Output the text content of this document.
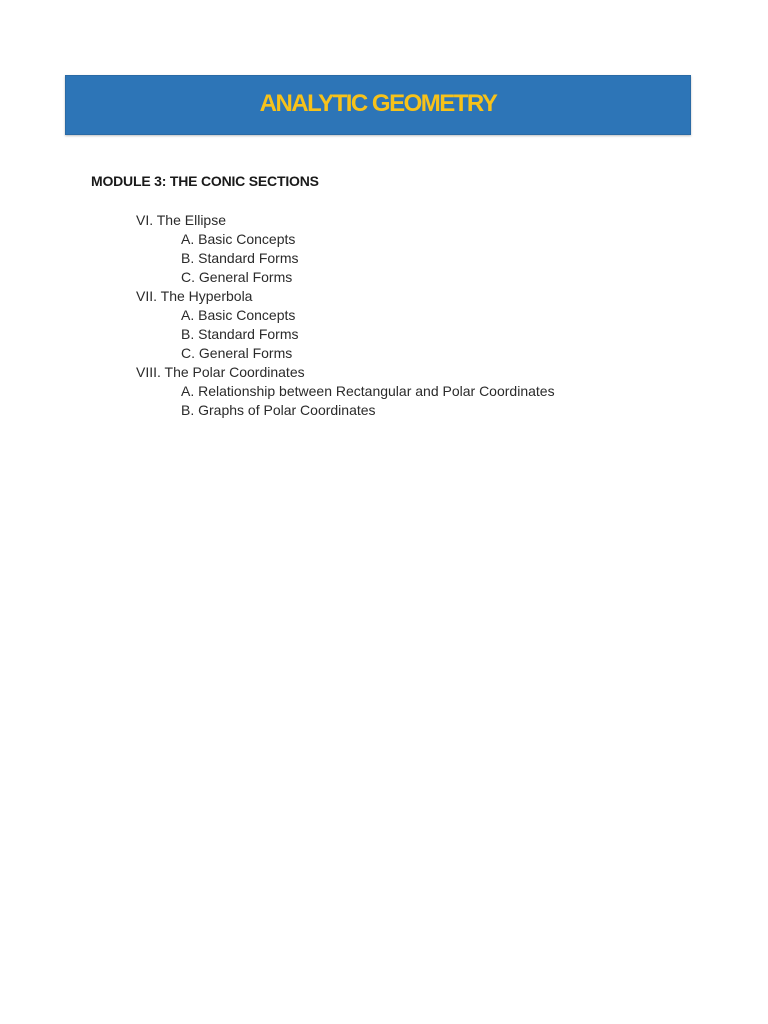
ANALYTIC GEOMETRY
MODULE 3: THE CONIC SECTIONS
VI. The Ellipse
A. Basic Concepts
B. Standard Forms
C. General Forms
VII. The Hyperbola
A. Basic Concepts
B. Standard Forms
C. General Forms
VIII. The Polar Coordinates
A. Relationship between Rectangular and Polar Coordinates
B. Graphs of Polar Coordinates
